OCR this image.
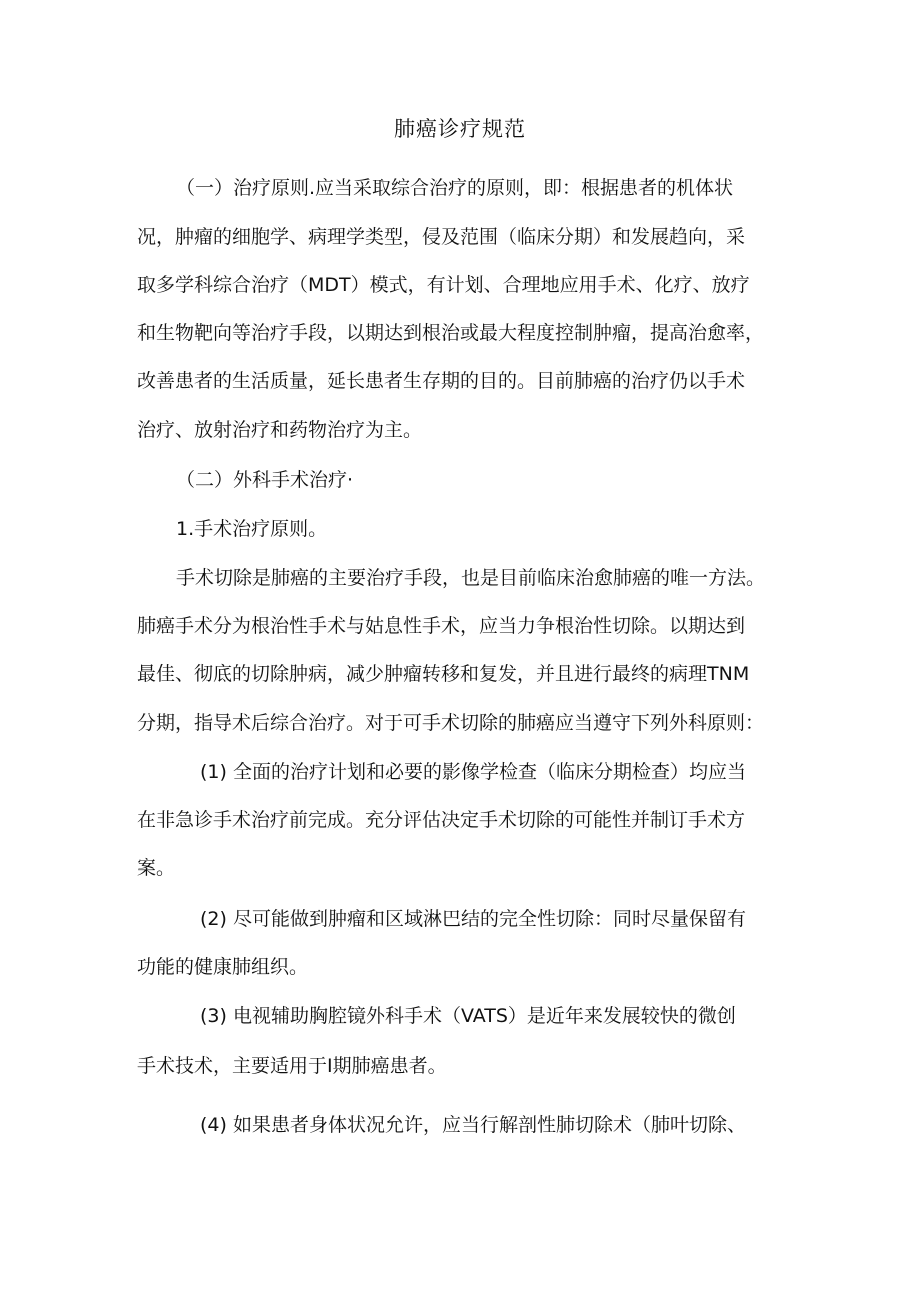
肺癌诊疗规范

（一）治疗原则.应当采取综合治疗的原则，即：根据患者的机体状

况，肿瘤的细胞学、病理学类型，侵及范围（临床分期）和发展趋向，采

取多学科综合治疗（MDT）模式，有计划、合理地应用手术、化疗、放疗

和生物靶向等治疗手段，以期达到根治或最大程度控制肿瘤，提高治愈率，

改善患者的生活质量，延长患者生存期的目的。目前肺癌的治疗仍以手术

治疗、放射治疗和药物治疗为主。

（二）外科手术治疗·

1.手术治疗原则。

手术切除是肺癌的主要治疗手段，也是目前临床治愈肺癌的唯一方法。

肺癌手术分为根治性手术与姑息性手术，应当力争根治性切除。以期达到

最佳、彻底的切除肿病，减少肿瘤转移和复发，并且进行最终的病理TNM

分期，指导术后综合治疗。对于可手术切除的肺癌应当遵守下列外科原则：

(1) 全面的治疗计划和必要的影像学检查（临床分期检查）均应当

在非急诊手术治疗前完成。充分评估决定手术切除的可能性并制订手术方

案。

(2) 尽可能做到肿瘤和区域淋巴结的完全性切除：同时尽量保留有

功能的健康肺组织。

(3) 电视辅助胸腔镜外科手术（VATS）是近年来发展较快的微创

手术技术，主要适用于I期肺癌患者。

(4) 如果患者身体状况允许，应当行解剖性肺切除术（肺叶切除、
